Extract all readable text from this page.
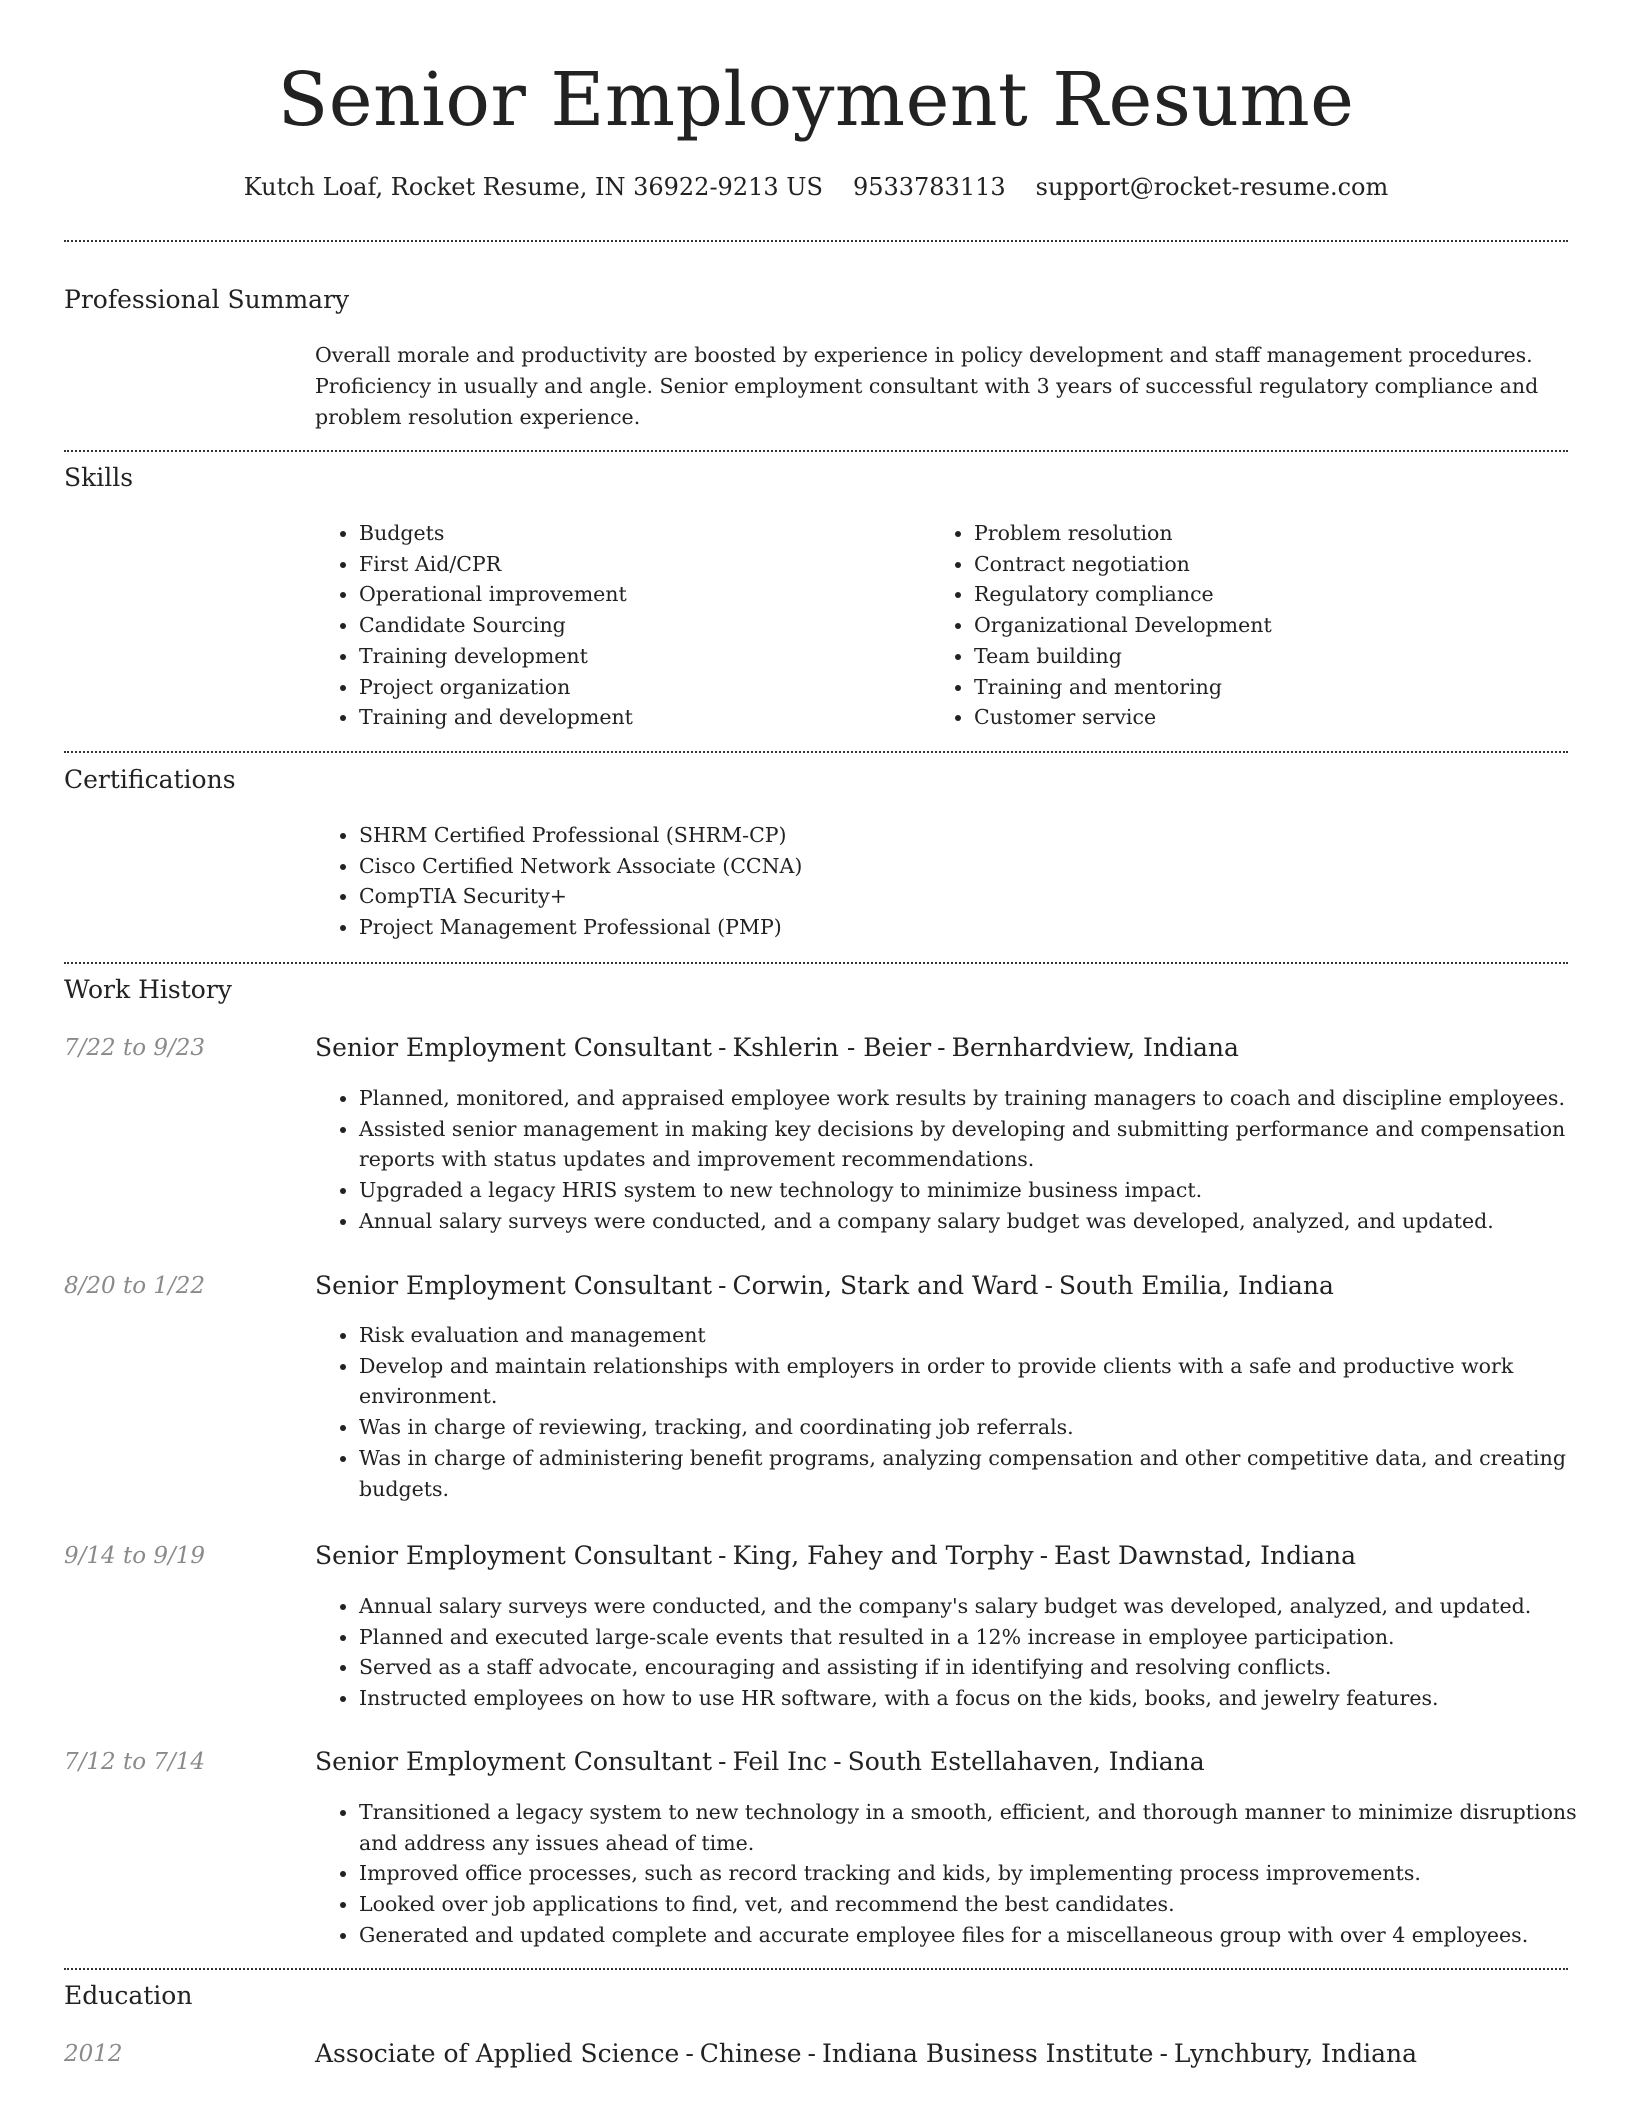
Senior Employment Resume
Kutch Loaf, Rocket Resume, IN 36922-9213 US 9533783113 support@rocket-resume.com
Professional Summary

Overall morale and productivity are boosted by experience in policy development and staff management procedures. Proficiency in usually and angle. Senior employment consultant with 3 years of successful regulatory compliance and problem resolution experience.

Skills
• Budgets
• First Aid/CPR
• Operational improvement
• Candidate Sourcing
• Training development
• Project organization
• Training and development
• Problem resolution
• Contract negotiation
• Regulatory compliance
• Organizational Development
• Team building
• Training and mentoring
• Customer service
Certifications
• SHRM Certified Professional (SHRM-CP)
• Cisco Certified Network Associate (CCNA)
• CompTIA Security+
• Project Management Professional (PMP)
Work History
7/22 to 9/23	Senior Employment Consultant - Kshlerin - Beier - Bernhardview, Indiana
• Planned, monitored, and appraised employee work results by training managers to coach and discipline employees.
• Assisted senior management in making key decisions by developing and submitting performance and compensation reports with status updates and improvement recommendations.
• Upgraded a legacy HRIS system to new technology to minimize business impact.
• Annual salary surveys were conducted, and a company salary budget was developed, analyzed, and updated.
8/20 to 1/22	Senior Employment Consultant - Corwin, Stark and Ward - South Emilia, Indiana
• Risk evaluation and management
• Develop and maintain relationships with employers in order to provide clients with a safe and productive work environment.
• Was in charge of reviewing, tracking, and coordinating job referrals.
• Was in charge of administering benefit programs, analyzing compensation and other competitive data, and creating budgets.
9/14 to 9/19	Senior Employment Consultant - King, Fahey and Torphy - East Dawnstad, Indiana
• Annual salary surveys were conducted, and the company's salary budget was developed, analyzed, and updated.
• Planned and executed large-scale events that resulted in a 12% increase in employee participation.
• Served as a staff advocate, encouraging and assisting if in identifying and resolving conflicts.
• Instructed employees on how to use HR software, with a focus on the kids, books, and jewelry features.
7/12 to 7/14	Senior Employment Consultant - Feil Inc - South Estellahaven, Indiana
• Transitioned a legacy system to new technology in a smooth, efficient, and thorough manner to minimize disruptions and address any issues ahead of time.
• Improved office processes, such as record tracking and kids, by implementing process improvements.
• Looked over job applications to find, vet, and recommend the best candidates.
• Generated and updated complete and accurate employee files for a miscellaneous group with over 4 employees.
Education
2012	Associate of Applied Science - Chinese - Indiana Business Institute - Lynchbury, Indiana
